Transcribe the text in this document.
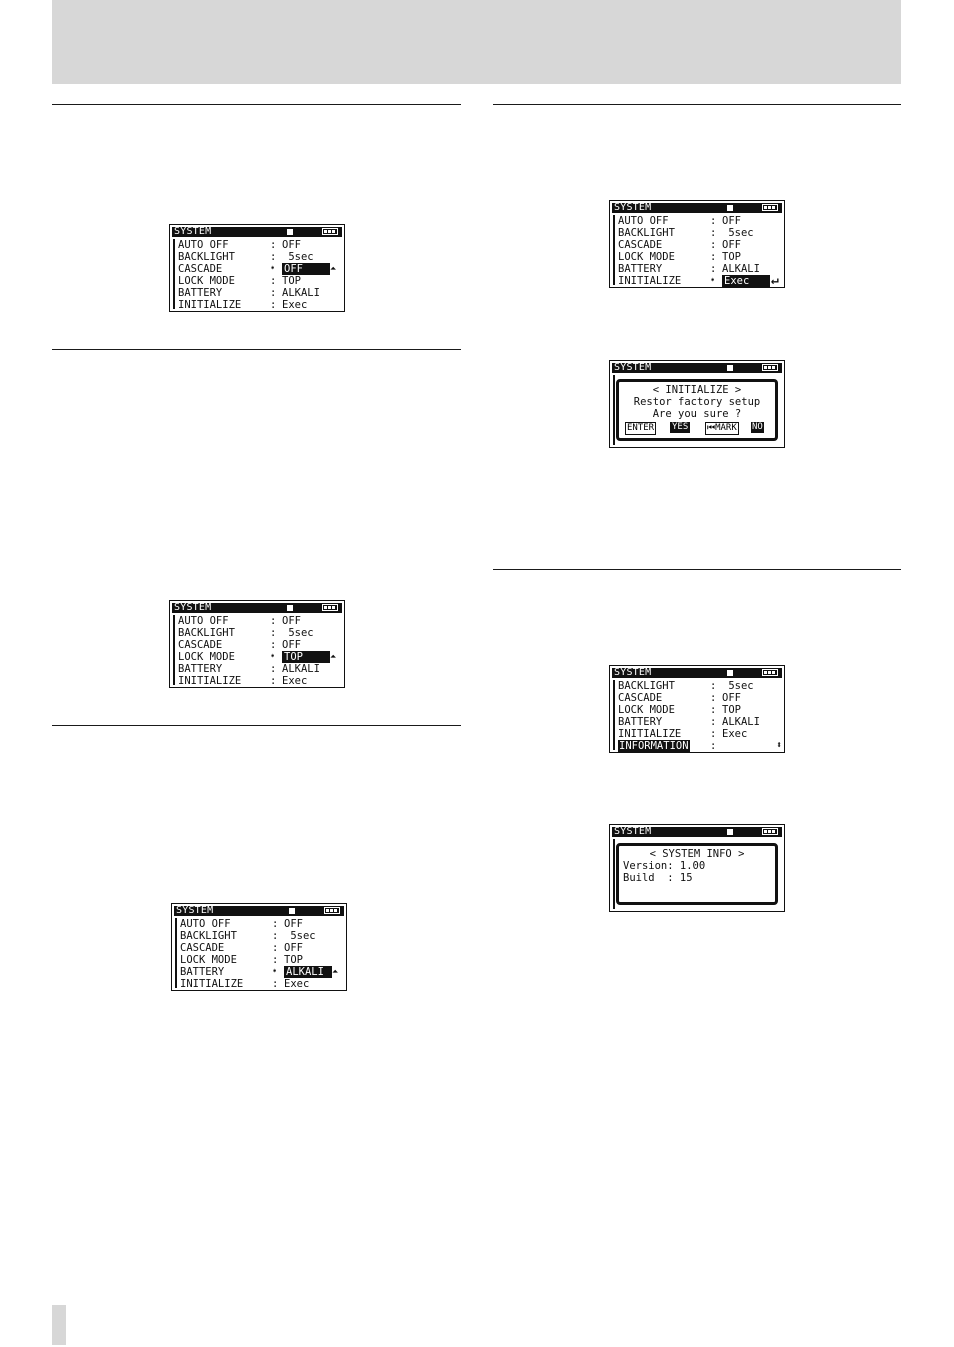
SYSTEM
AUTO OFF	: OFF
BACKLIGHT	: 5sec
CASCADE	➧ OFF	⏶
LOCK MODE	: TOP
BATTERY	: ALKALI
INITIALIZE	: Exec
SYSTEM
AUTO OFF	: OFF
BACKLIGHT	: 5sec
CASCADE	: OFF
LOCK MODE	➧ TOP	⏶
BATTERY	: ALKALI
INITIALIZE	: Exec
SYSTEM
AUTO OFF	: OFF
BACKLIGHT	: 5sec
CASCADE	: OFF
LOCK MODE	: TOP
BATTERY	➧ ALKALI	⏶
INITIALIZE	: Exec
SYSTEM
AUTO OFF	: OFF
BACKLIGHT	: 5sec
CASCADE	: OFF
LOCK MODE	: TOP
BATTERY	: ALKALI
INITIALIZE	➧ Exec	↵
SYSTEM
< INITIALIZE >
Restor factory setup
Are you sure ?
ENTER YES ⏮MARK NO
SYSTEM
BACKLIGHT	: 5sec
CASCADE	: OFF
LOCK MODE	: TOP
BATTERY	: ALKALI
INITIALIZE	: Exec
INFORMATION :	⬍
SYSTEM
< SYSTEM INFO >
Version: 1.00
Build  : 15
